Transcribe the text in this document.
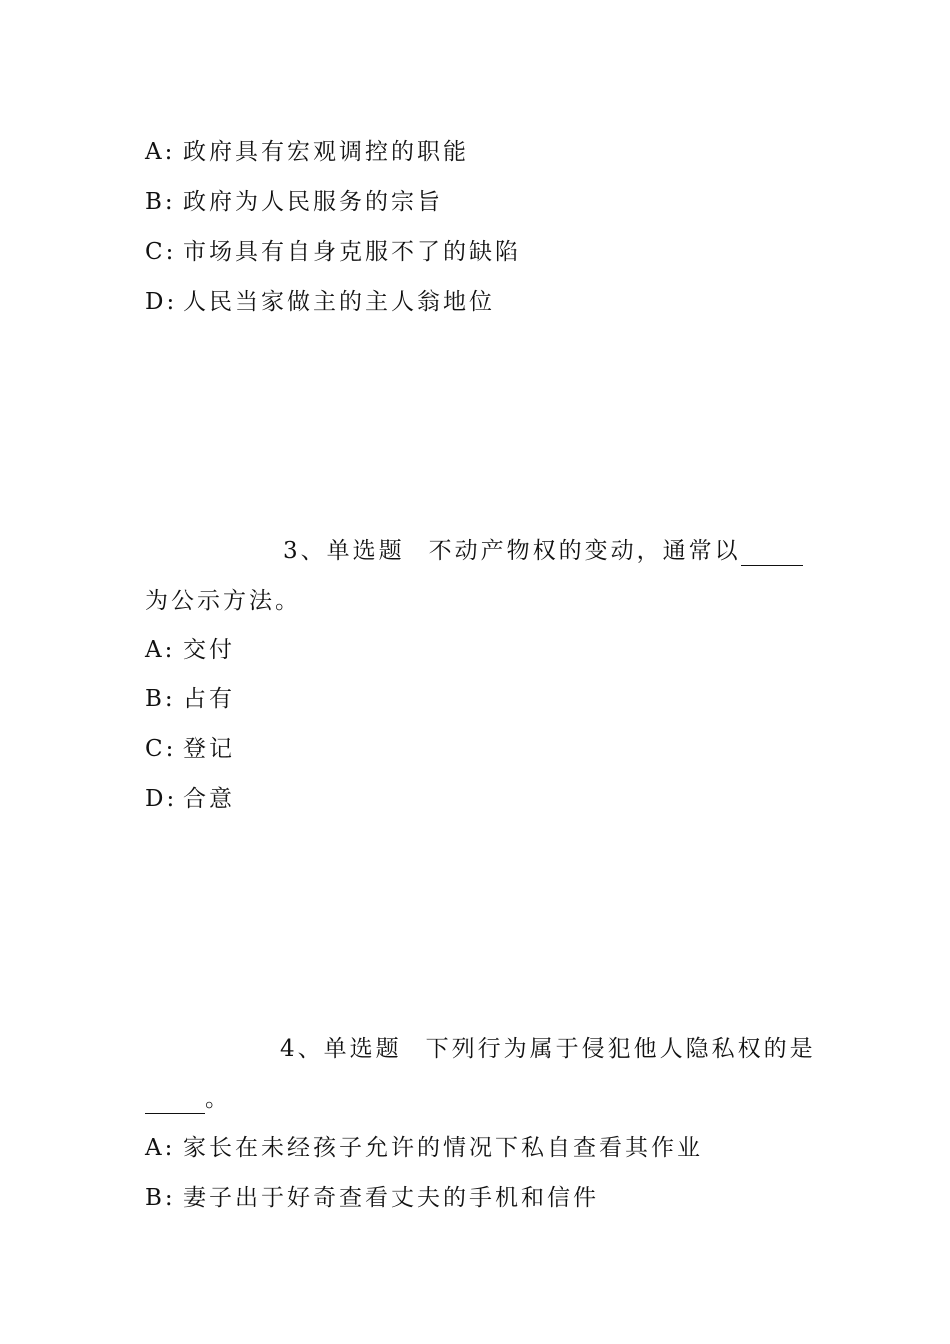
A: 政府具有宏观调控的职能
B: 政府为人民服务的宗旨
C: 市场具有自身克服不了的缺陷
D: 人民当家做主的主人翁地位
3、单选题 不动产物权的变动，通常以
为公示方法。
A: 交付
B: 占有
C: 登记
D: 合意
4、单选题 下列行为属于侵犯他人隐私权的是
。
A: 家长在未经孩子允许的情况下私自查看其作业
B: 妻子出于好奇查看丈夫的手机和信件
